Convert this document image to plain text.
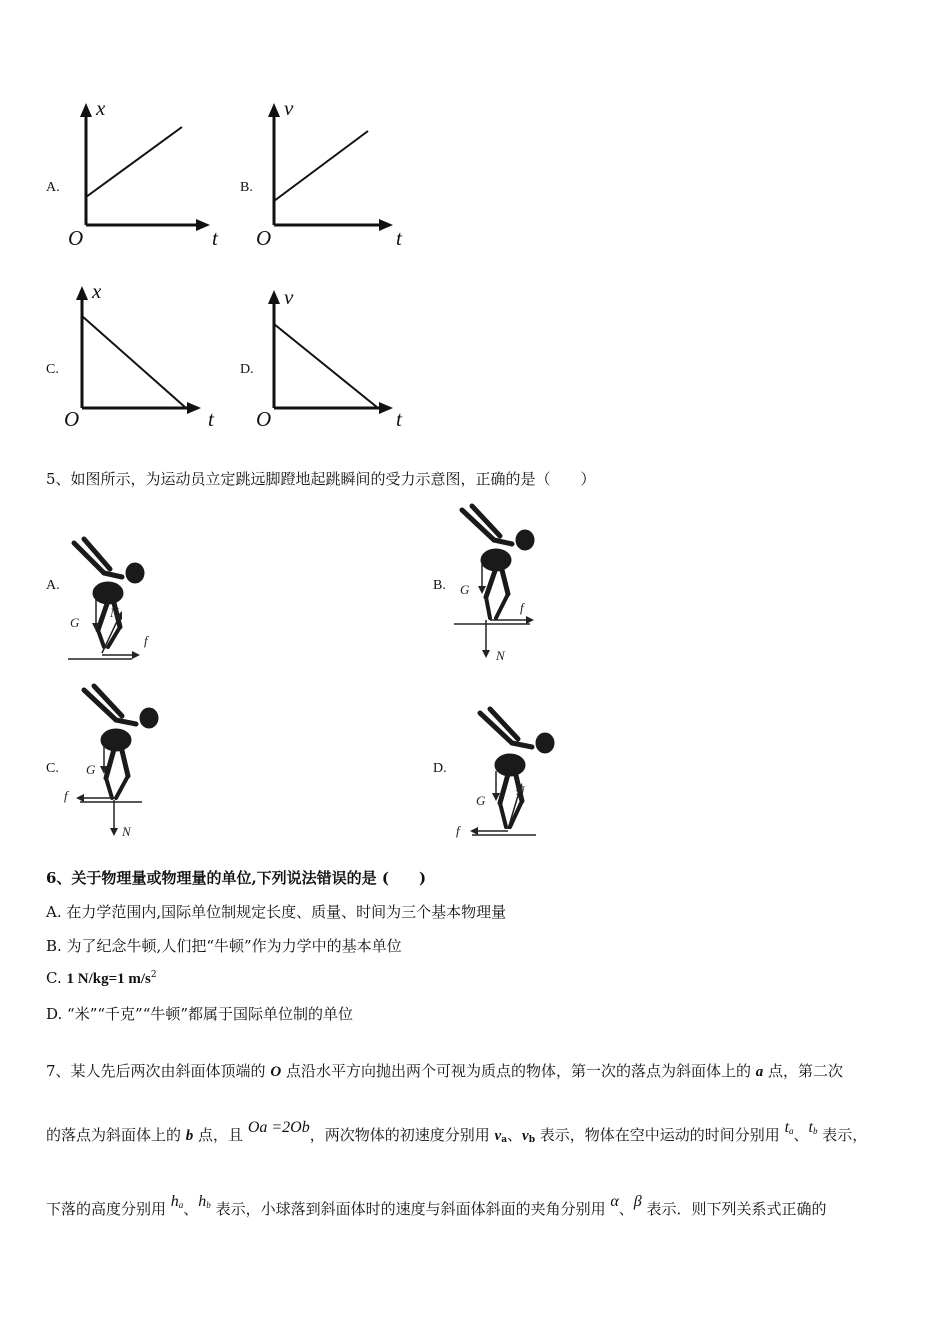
A.
x
t
O
B.
v
t
O
C.
x
t
O
D.
v
t
O
5、如图所示，为运动员立定跳远脚蹬地起跳瞬间的受力示意图，正确的是（　　）
A.
G
N
f
B. G
f
N
C. G
f
N
D.
G
N
f
6、关于物理量或物理量的单位,下列说法错误的是 (　　)
A. 在力学范围内,国际单位制规定长度、质量、时间为三个基本物理量
B. 为了纪念牛顿,人们把“牛顿”作为力学中的基本单位
C. 1 N/kg=1 $m/s^2$
D. “米”“千克”“牛顿”都属于国际单位制的单位
7、某人先后两次由斜面体顶端的 O 点沿水平方向抛出两个可视为质点的物体，第一次的落点为斜面体上的 a 点，第二次
的落点为斜面体上的 b 点，且 Oa =2Ob，两次物体的初速度分别用 $v_a$、$v_b$ 表示，物体在空中运动的时间分别用 $t_a$、$t_b$ 表示，
下落的高度分别用 $h_a$、$h_b$ 表示，小球落到斜面体时的速度与斜面体斜面的夹角分别用 α、β 表示．则下列关系式正确的
